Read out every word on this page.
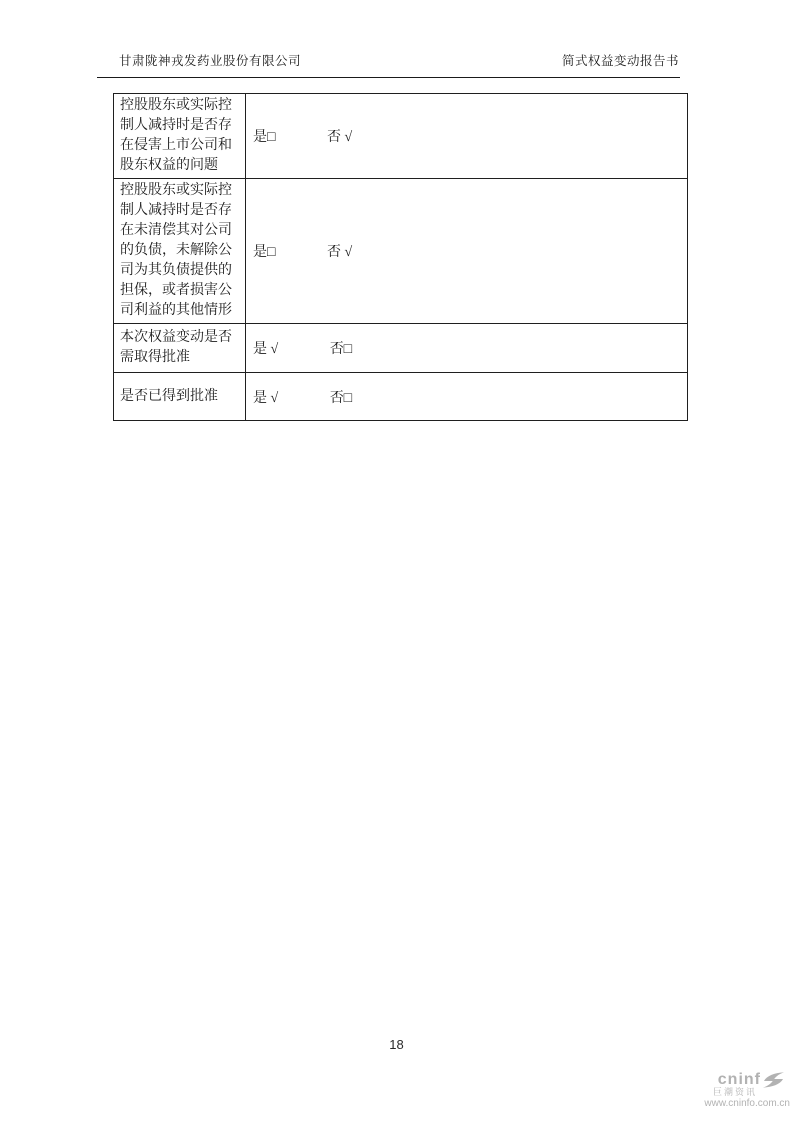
甘肃陇神戎发药业股份有限公司	简式权益变动报告书
控股股东或实际控制人减持时是否存在侵害上市公司和股东权益的问题	是□ 否 √
控股股东或实际控制人减持时是否存在未清偿其对公司的负债，未解除公司为其负债提供的担保，或者损害公司利益的其他情形	是□ 否 √
本次权益变动是否需取得批准	是 √ 否□
是否已得到批准	是 √ 否□
18
cninf
巨潮资讯
www.cninfo.com.cn
